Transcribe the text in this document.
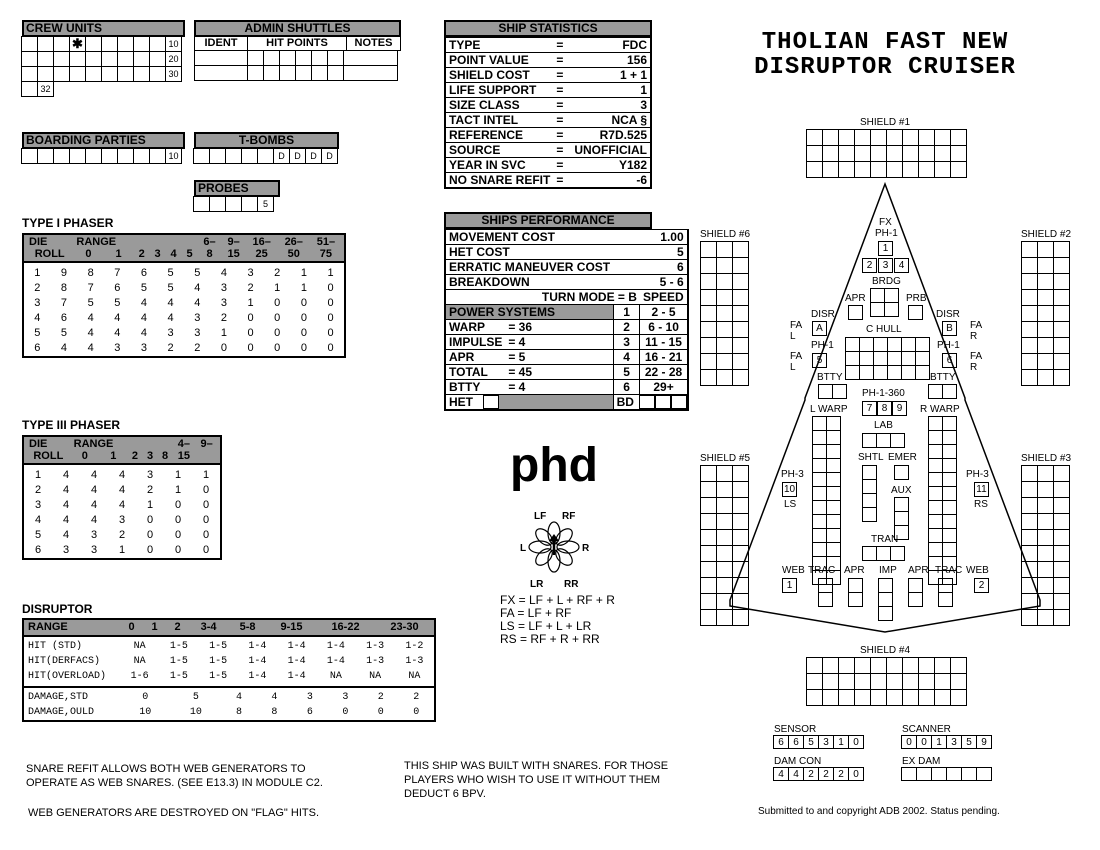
CREW UNITS
✱	10
20
30
32
ADMIN SHUTTLES
IDENT	HIT POINTS	NOTES
BOARDING PARTIES
10
T-BOMBS
D	D	D	D
PROBES
5
SHIP STATISTICS
TYPE	=	FDC
POINT VALUE	=	156
SHIELD COST	=	1 + 1
LIFE SUPPORT	=	1
SIZE CLASS	=	3
TACT INTEL	=	NCA §
REFERENCE	=	R7D.525
SOURCE	=	UNOFFICIAL
YEAR IN SVC	=	Y182
NO SNARE REFIT	=	-6
SHIPS PERFORMANCE
MOVEMENT COST		1.00	
HET COST		5	
ERRATIC MANEUVER COST		6	
BREAKDOWN		5 - 6	
TURN MODE = B			SPEED
POWER SYSTEMS		1	2 - 5
WARP	= 36	2	6 - 10
IMPULSE	= 4	3	11 - 15
APR	= 5	4	16 - 21
TOTAL	= 45	5	22 - 28
BTTY	= 4	6	29+

HET		BD	
THOLIAN FAST NEW
DISRUPTOR CRUISER
TYPE I PHASER
DIE	RANGE						6–	9–	16–	26–	51–
ROLL	0	1	2	3	4	5	8	15	25	50	75
1	9	8	7	6	5	5	4	3	2	1	1
2	8	7	6	5	5	4	3	2	1	1	0
3	7	5	5	4	4	4	3	1	0	0	0
4	6	4	4	4	4	3	2	0	0	0	0
5	5	4	4	4	3	3	1	0	0	0	0
6	4	4	3	3	2	2	0	0	0	0	0
TYPE III PHASER
DIE	RANGE					4–	9–
ROLL	0	1	2	3	8	15	
1	4	4	4	3	1	1
2	4	4	4	2	1	0
3	4	4	4	1	0	0
4	4	4	3	0	0	0
5	4	3	2	0	0	0
6	3	3	1	0	0	0
DISRUPTOR
RANGE	0	1	2	3-4	5-8	9-15	16-22	23-30
HIT (STD)	NA	1-5	1-5	1-4	1-4	1-4	1-3	1-2
HIT(DERFACS)	NA	1-5	1-5	1-4	1-4	1-4	1-3	1-3
HIT(OVERLOAD)	1-6	1-5	1-5	1-4	1-4	NA	NA	NA
DAMAGE,STD	0	5	4	4	3	3	2	2
DAMAGE,OULD	10	10	8	8	6	0	0	0
phd
LF RF
L	R
LR RR
FX = LF + L + RF + R
FA = LF + RF
LS = LF + L + LR
RS = RF + R + RR
SNARE REFIT ALLOWS BOTH WEB GENERATORS TO OPERATE AS WEB SNARES. (SEE E13.3) IN MODULE C2.
WEB GENERATORS ARE DESTROYED ON "FLAG" HITS.
THIS SHIP WAS BUILT WITH SNARES. FOR THOSE PLAYERS WHO WISH TO USE IT WITHOUT THEM DEDUCT 6 BPV.
Submitted to and copyright ADB 2002. Status pending.
SHIELD #1
SHIELD #2
SHIELD #3
SHIELD #4
SHIELD #5
SHIELD #6
FX
PH-1
1
2	3	4
BRDG
APR	PRB
DISR
A
DISR
B
FA
L
FA
R
C HULL
PH-1
5
PH-1
6
FA
L
FA
R
BTTY	BTTY
PH-1-360
7 8 9
L WARP	R WARP
LAB
SHTL EMER
AUX
TRAN
PH-3
10
LS
PH-3
11
RS
WEB
1
TRAC APR IMP APR TRAC WEB
2
SENSOR
6 6 5 3 1 0
SCANNER
0 0 1 3 5 9
DAM CON
4 4 2 2 2 0
EX DAM
